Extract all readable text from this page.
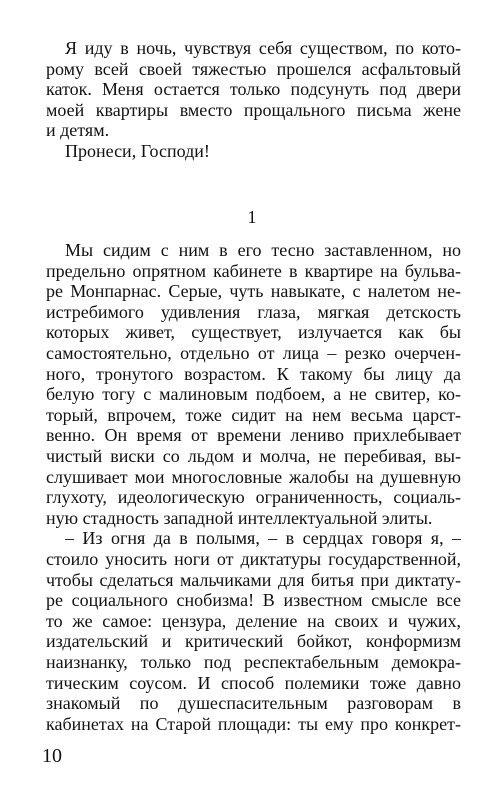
Я иду в ночь, чувствуя себя существом, по кото-
рому всей своей тяжестью прошелся асфальтовый
каток. Меня остается только подсунуть под двери
моей квартиры вместо прощального письма жене
и детям.
Пронеси, Господи!
1
10
Мы сидим с ним в его тесно заставленном, но
предельно опрятном кабинете в квартире на бульва-
ре Монпарнас. Серые, чуть навыкате, с налетом не-
истребимого удивления глаза, мягкая детскость
которых живет, существует, излучается как бы
самостоятельно, отдельно от лица – резко очерчен-
ного, тронутого возрастом. К такому бы лицу да
белую тогу с малиновым подбоем, а не свитер, ко-
торый, впрочем, тоже сидит на нем весьма царст-
венно. Он время от времени лениво прихлебывает
чистый виски со льдом и молча, не перебивая, вы-
слушивает мои многословные жалобы на душевную
глухоту, идеологическую ограниченность, социаль-
ную стадность западной интеллектуальной элиты.
– Из огня да в полымя, – в сердцах говоря я, –
стоило уносить ноги от диктатуры государственной,
чтобы сделаться мальчиками для битья при диктату-
ре социального снобизма! В известном смысле все
то же самое: цензура, деление на своих и чужих,
издательский и критический бойкот, конформизм
наизнанку, только под респектабельным демокра-
тическим соусом. И способ полемики тоже давно
знакомый по душеспасительным разговорам в
кабинетах на Старой площади: ты ему про конкрет-
